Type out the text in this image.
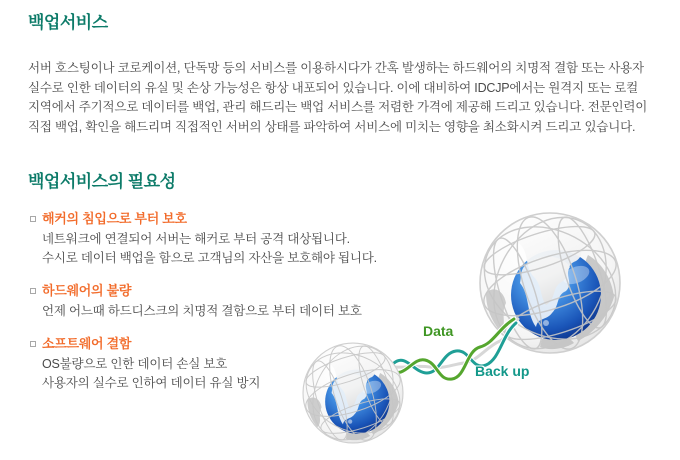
백업서비스
서버 호스팅이나 코로케이션, 단독망 등의 서비스를 이용하시다가 간혹 발생하는 하드웨어의 치명적 결함 또는 사용자
실수로 인한 데이터의 유실 및 손상 가능성은 항상 내포되어 있습니다. 이에 대비하여 IDCJP에서는 원격지 또는 로컬
지역에서 주기적으로 데이터를 백업, 관리 해드리는 백업 서비스를 저렴한 가격에 제공해 드리고 있습니다. 전문인력이
직접 백업, 확인을 해드리며 직접적인 서버의 상태를 파악하여 서비스에 미치는 영향을 최소화시켜 드리고 있습니다.
백업서비스의 필요성
해커의 침입으로 부터 보호
네트워크에 연결되어 서버는 해커로 부터 공격 대상됩니다.
수시로 데이터 백업을 함으로 고객님의 자산을 보호해야 됩니다.
하드웨어의 불량
언제 어느때 하드디스크의 치명적 결함으로 부터 데이터 보호
소프트웨어 결함
OS불량으로 인한 데이터 손실 보호
사용자의 실수로 인하여 데이터 유실 방지
Data
Back up
